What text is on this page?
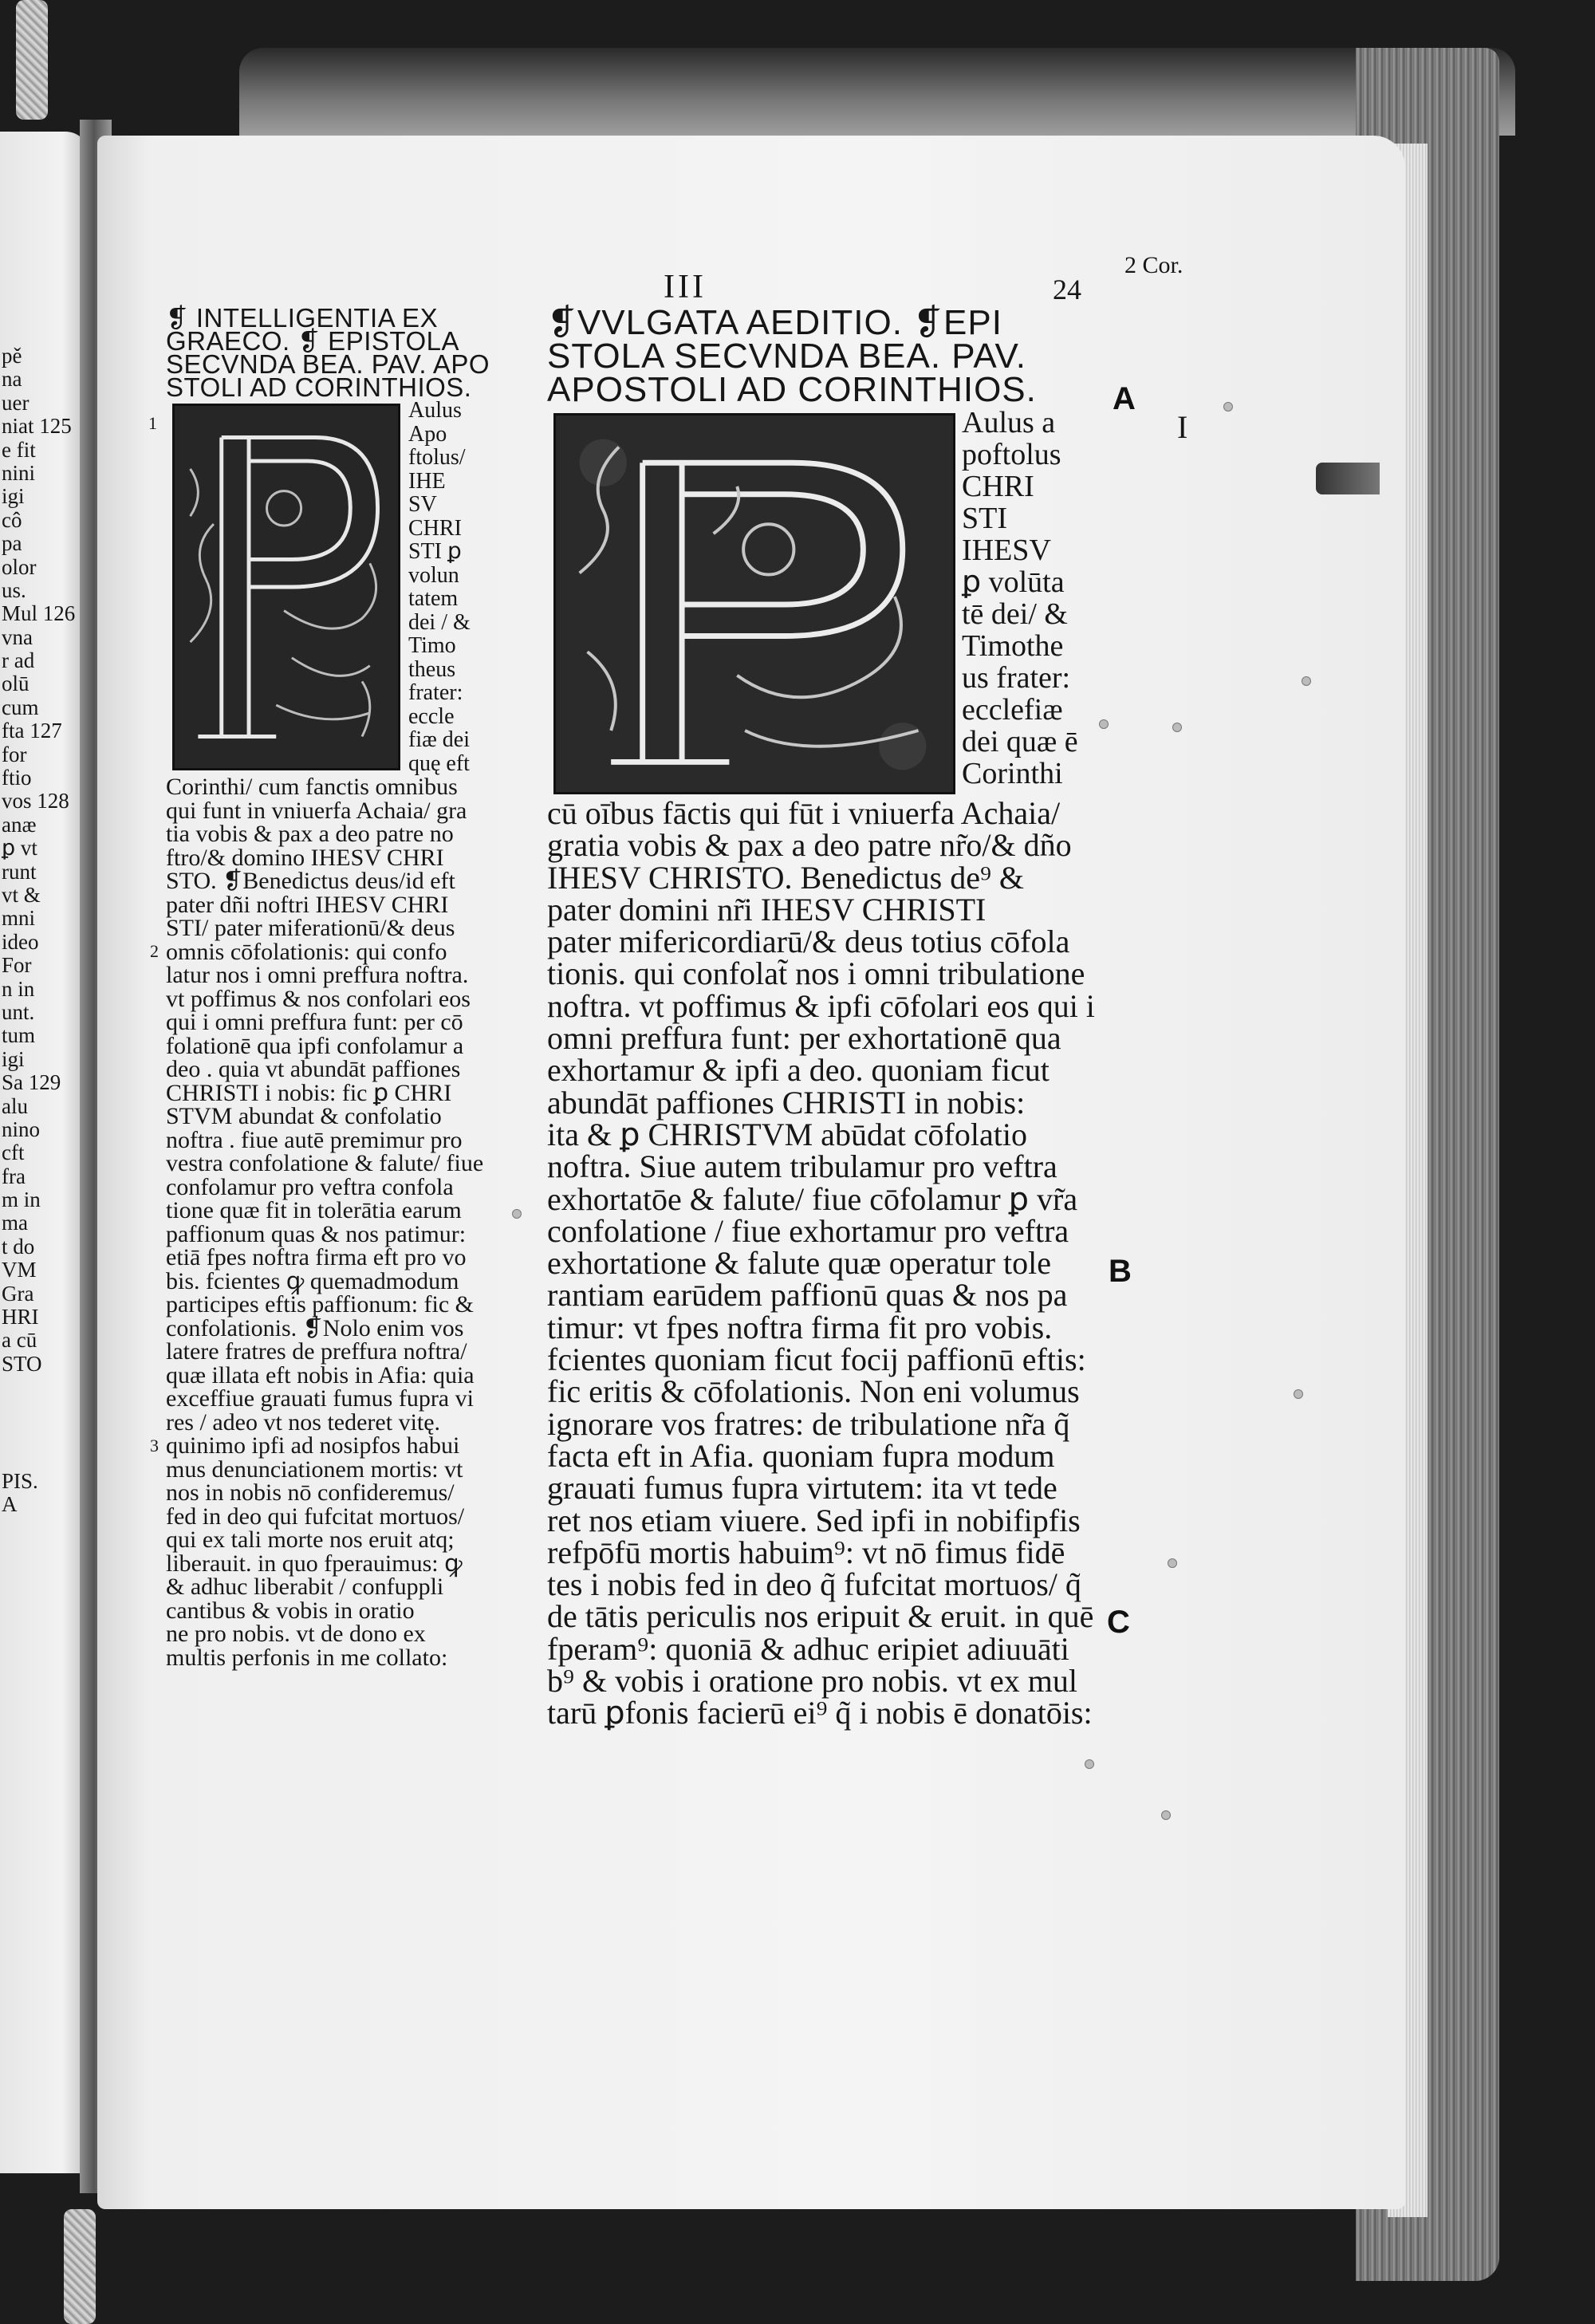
pě
na
uer
niat 125
e fit
nini
igi
cô
pa
olor
us.
Mul 126
vna
r ad
olū
cum
fta 127
for
ftio
vos 128
anæ
ꝑ vt
runt
vt &
mni
ideo
For
n in
unt.
tum
igi
Sa 129
alu
nino
cft
fra
m in
ma
t do
VM
Gra
HRI
a cū
STO
PIS.
A
III	24
2 Cor.
❡ INTELLIGENTIA EX
GRAECO. ❡ EPISTOLA
SECVNDA BEA. PAV. APO
STOLI AD CORINTHIOS.
Aulus
Apo
ftolus/
IHE
SV
CHRI
STI ꝑ
volun
tatem
dei / &
Timo
theus
frater:
eccle
fiæ dei
quę eft
Corinthi/ cum fanctis omnibus
qui funt in vniuerfa Achaia/ gra
tia vobis & pax a deo patre no
ftro/& domino IHESV CHRI
STO. ❡Benedictus deus/id eft
pater dñi noftri IHESV CHRI
STI/ pater miferationū/& deus
omnis cōfolationis: qui confo
latur nos i omni preffura noftra.
vt poffimus & nos confolari eos
qui i omni preffura funt: per cō
folationē qua ipfi confolamur a
deo . quia vt abundāt paffiones
CHRISTI i nobis: fic ꝑ CHRI
STVM abundat & confolatio
noftra . fiue autē premimur pro
vestra confolatione & falute/ fiue
confolamur pro veftra confola
tione quæ fit in tolerātia earum
paffionum quas & nos patimur:
etiā fpes noftra firma eft pro vo
bis. fcientes ꝙ quemadmodum
participes eftis paffionum: fic &
confolationis. ❡Nolo enim vos
latere fratres de preffura noftra/
quæ illata eft nobis in Afia: quia
exceffiue grauati fumus fupra vi
res / adeo vt nos tederet vitę.
quinimo ipfi ad nosipfos habui
mus denunciationem mortis: vt
nos in nobis nō confideremus/
fed in deo qui fufcitat mortuos/
qui ex tali morte nos eruit atq;
liberauit. in quo fperauimus: ꝙ
& adhuc liberabit / confuppli
cantibus & vobis in oratio
ne pro nobis. vt de dono ex
multis perfonis in me collato:
1
2
3
❡VVLGATA AEDITIO. ❡EPI
STOLA SECVNDA BEA. PAV.
APOSTOLI AD CORINTHIOS.
Aulus a
poftolus
CHRI
STI
IHESV
ꝑ volūta
tē dei/ &
Timothe
us frater:
ecclefiæ
dei quæ ē
Corinthi
cū oībus fāctis qui fūt i vniuerfa Achaia/
gratia vobis & pax a deo patre nr̃o/& dño
IHESV CHRISTO. Benedictus de⁹ &
pater domini nr̃i IHESV CHRISTI
pater mifericordiarū/& deus totius cōfola
tionis. qui confolat̃ nos i omni tribulatione
noftra. vt poffimus & ipfi cōfolari eos qui i
omni preffura funt: per exhortationē qua
exhortamur & ipfi a deo. quoniam ficut
abundāt paffiones CHRISTI in nobis:
ita & ꝑ CHRISTVM abūdat cōfolatio
noftra. Siue autem tribulamur pro veftra
exhortatōe & falute/ fiue cōfolamur ꝑ vr̃a
confolatione / fiue exhortamur pro veftra
exhortatione & falute quæ operatur tole
rantiam earūdem paffionū quas & nos pa
timur: vt fpes noftra firma fit pro vobis.
fcientes quoniam ficut focij paffionū eftis:
fic eritis & cōfolationis. Non eni volumus
ignorare vos fratres: de tribulatione nr̃a q̃
facta eft in Afia. quoniam fupra modum
grauati fumus fupra virtutem: ita vt tede
ret nos etiam viuere. Sed ipfi in nobifipfis
refpōfū mortis habuim⁹: vt nō fimus fidē
tes i nobis fed in deo q̃ fufcitat mortuos/ q̃
de tātis periculis nos eripuit & eruit. in quē
fperam⁹: quoniā & adhuc eripiet adiuuāti
b⁹ & vobis i oratione pro nobis. vt ex mul
tarū ꝑfonis facierū ei⁹ q̃ i nobis ē donatōis:
A
B
C
I
